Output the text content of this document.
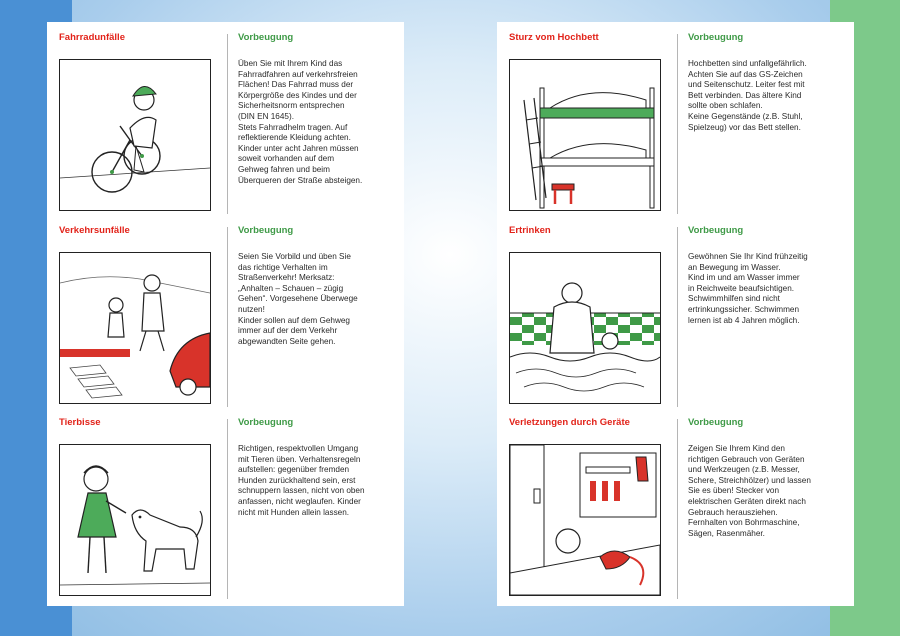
Fahrradunfälle	Vorbeugung
Üben Sie mit Ihrem Kind das
Fahrradfahren auf verkehrsfreien
Flächen! Das Fahrrad muss der
Körpergröße des Kindes und der
Sicherheitsnorm entsprechen
(DIN EN 1645).
Stets Fahrradhelm tragen. Auf
reflektierende Kleidung achten.
Kinder unter acht Jahren müssen
soweit vorhanden auf dem
Gehweg fahren und beim
Überqueren der Straße absteigen.
Verkehrsunfälle	Vorbeugung
Seien Sie Vorbild und üben Sie
das richtige Verhalten im
Straßenverkehr! Merksatz:
„Anhalten – Schauen – zügig
Gehen“. Vorgesehene Überwege
nutzen!
Kinder sollen auf dem Gehweg
immer auf der dem Verkehr
abgewandten Seite gehen.
Tierbisse	Vorbeugung
Richtigen, respektvollen Umgang
mit Tieren üben. Verhaltensregeln
aufstellen: gegenüber fremden
Hunden zurückhaltend sein, erst
schnuppern lassen, nicht von oben
anfassen, nicht weglaufen. Kinder
nicht mit Hunden allein lassen.
Sturz vom Hochbett	Vorbeugung
Hochbetten sind unfallgefährlich.
Achten Sie auf das GS-Zeichen
und Seitenschutz. Leiter fest mit
Bett verbinden. Das ältere Kind
sollte oben schlafen.
Keine Gegenstände (z.B. Stuhl,
Spielzeug) vor das Bett stellen.
Ertrinken	Vorbeugung
Gewöhnen Sie Ihr Kind frühzeitig
an Bewegung im Wasser.
Kind im und am Wasser immer
in Reichweite beaufsichtigen.
Schwimmhilfen sind nicht
ertrinkungssicher. Schwimmen
lernen ist ab 4 Jahren möglich.
Verletzungen durch Geräte	Vorbeugung
Zeigen Sie Ihrem Kind den
richtigen Gebrauch von Geräten
und Werkzeugen (z.B. Messer,
Schere, Streichhölzer) und lassen
Sie es üben! Stecker von
elektrischen Geräten direkt nach
Gebrauch herausziehen.
Fernhalten von Bohrmaschine,
Sägen, Rasenmäher.
